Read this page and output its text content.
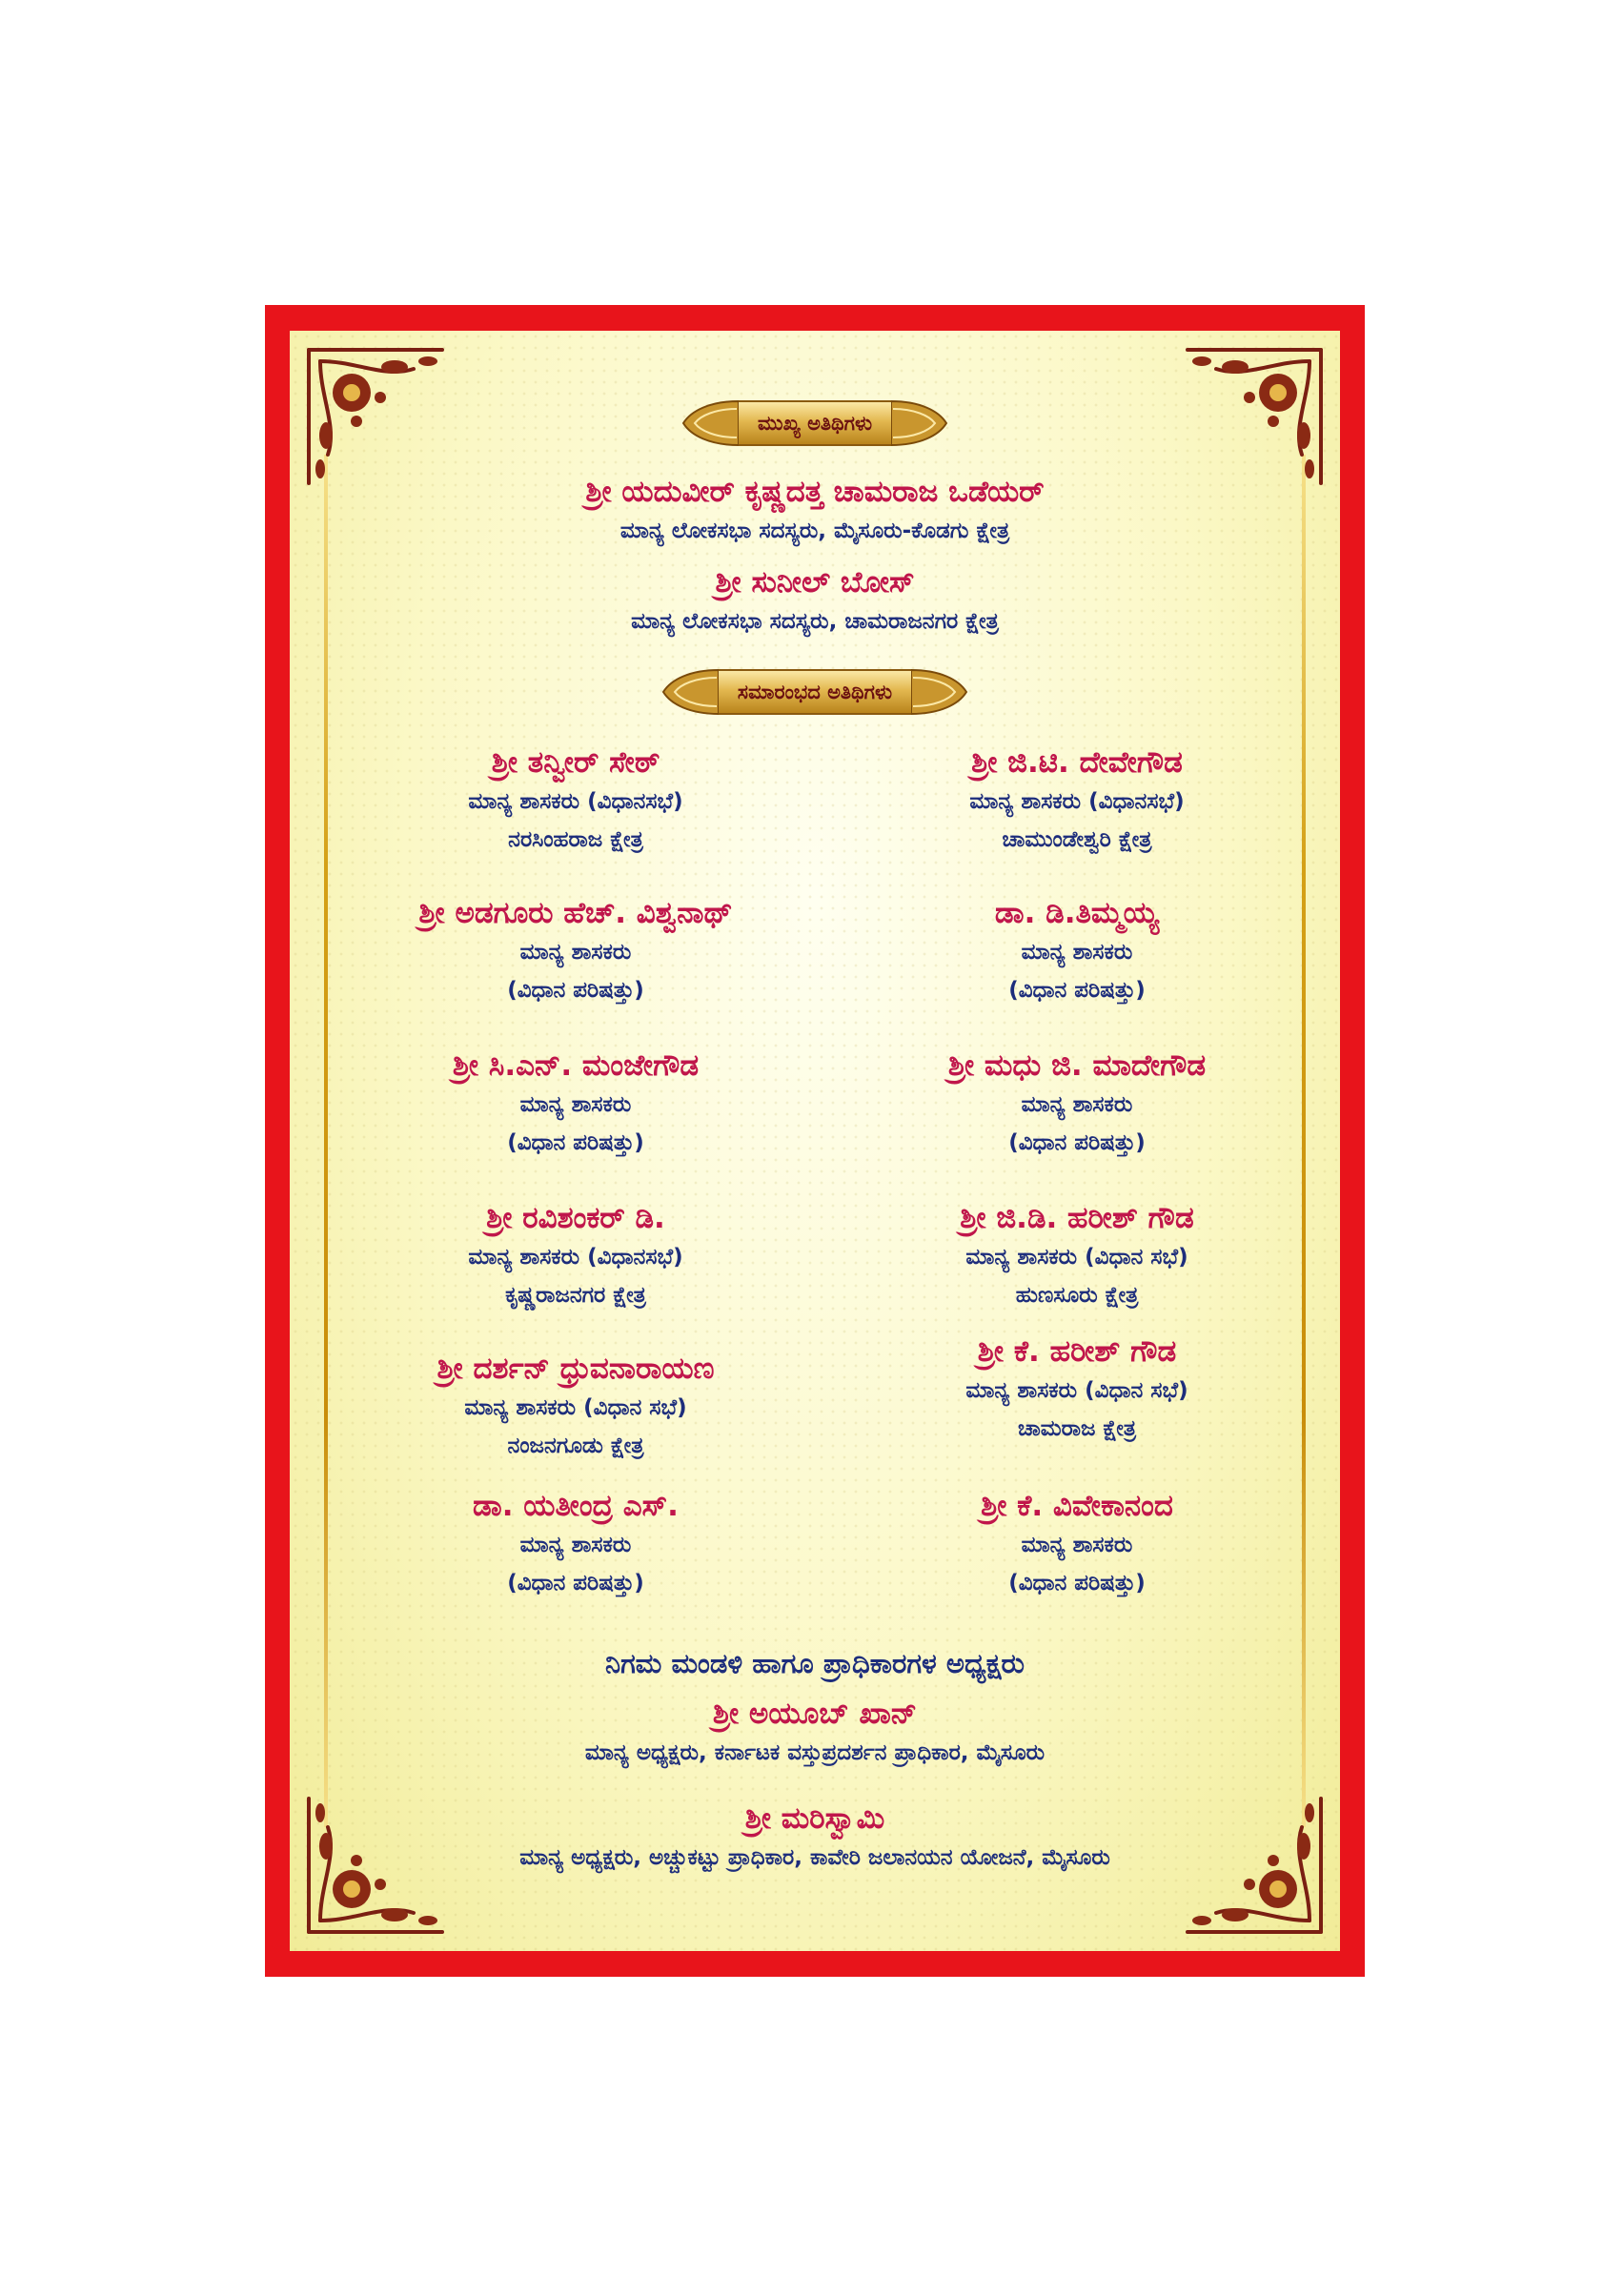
ಮುಖ್ಯ ಅತಿಥಿಗಳು
ಶ್ರೀ ಯದುವೀರ್ ಕೃಷ್ಣದತ್ತ ಚಾಮರಾಜ ಒಡೆಯರ್
ಮಾನ್ಯ ಲೋಕಸಭಾ ಸದಸ್ಯರು, ಮೈಸೂರು-ಕೊಡಗು ಕ್ಷೇತ್ರ
ಶ್ರೀ ಸುನೀಲ್ ಬೋಸ್
ಮಾನ್ಯ ಲೋಕಸಭಾ ಸದಸ್ಯರು, ಚಾಮರಾಜನಗರ ಕ್ಷೇತ್ರ
ಸಮಾರಂಭದ ಅತಿಥಿಗಳು
ಶ್ರೀ ತನ್ವೀರ್ ಸೇಠ್
ಮಾನ್ಯ ಶಾಸಕರು (ವಿಧಾನಸಭೆ)
ನರಸಿಂಹರಾಜ ಕ್ಷೇತ್ರ
ಶ್ರೀ ಅಡಗೂರು ಹೆಚ್. ವಿಶ್ವನಾಥ್
ಮಾನ್ಯ ಶಾಸಕರು
(ವಿಧಾನ ಪರಿಷತ್ತು)
ಶ್ರೀ ಸಿ.ಎನ್. ಮಂಜೇಗೌಡ
ಮಾನ್ಯ ಶಾಸಕರು
(ವಿಧಾನ ಪರಿಷತ್ತು)
ಶ್ರೀ ರವಿಶಂಕರ್ ಡಿ.
ಮಾನ್ಯ ಶಾಸಕರು (ವಿಧಾನಸಭೆ)
ಕೃಷ್ಣರಾಜನಗರ ಕ್ಷೇತ್ರ
ಶ್ರೀ ದರ್ಶನ್ ಧ್ರುವನಾರಾಯಣ
ಮಾನ್ಯ ಶಾಸಕರು (ವಿಧಾನ ಸಭೆ)
ನಂಜನಗೂಡು ಕ್ಷೇತ್ರ
ಡಾ. ಯತೀಂದ್ರ ಎಸ್.
ಮಾನ್ಯ ಶಾಸಕರು
(ವಿಧಾನ ಪರಿಷತ್ತು)
ಶ್ರೀ ಜಿ.ಟಿ. ದೇವೇಗೌಡ
ಮಾನ್ಯ ಶಾಸಕರು (ವಿಧಾನಸಭೆ)
ಚಾಮುಂಡೇಶ್ವರಿ ಕ್ಷೇತ್ರ
ಡಾ. ಡಿ.ತಿಮ್ಮಯ್ಯ
ಮಾನ್ಯ ಶಾಸಕರು
(ವಿಧಾನ ಪರಿಷತ್ತು)
ಶ್ರೀ ಮಧು ಜಿ. ಮಾದೇಗೌಡ
ಮಾನ್ಯ ಶಾಸಕರು
(ವಿಧಾನ ಪರಿಷತ್ತು)
ಶ್ರೀ ಜಿ.ಡಿ. ಹರೀಶ್ ಗೌಡ
ಮಾನ್ಯ ಶಾಸಕರು (ವಿಧಾನ ಸಭೆ)
ಹುಣಸೂರು ಕ್ಷೇತ್ರ
ಶ್ರೀ ಕೆ. ಹರೀಶ್ ಗೌಡ
ಮಾನ್ಯ ಶಾಸಕರು (ವಿಧಾನ ಸಭೆ)
ಚಾಮರಾಜ ಕ್ಷೇತ್ರ
ಶ್ರೀ ಕೆ. ವಿವೇಕಾನಂದ
ಮಾನ್ಯ ಶಾಸಕರು
(ವಿಧಾನ ಪರಿಷತ್ತು)
ನಿಗಮ ಮಂಡಳಿ ಹಾಗೂ ಪ್ರಾಧಿಕಾರಗಳ ಅಧ್ಯಕ್ಷರು
ಶ್ರೀ ಅಯೂಬ್ ಖಾನ್
ಮಾನ್ಯ ಅಧ್ಯಕ್ಷರು, ಕರ್ನಾಟಕ ವಸ್ತುಪ್ರದರ್ಶನ ಪ್ರಾಧಿಕಾರ, ಮೈಸೂರು
ಶ್ರೀ ಮರಿಸ್ವಾಮಿ
ಮಾನ್ಯ ಅಧ್ಯಕ್ಷರು, ಅಚ್ಚುಕಟ್ಟು ಪ್ರಾಧಿಕಾರ, ಕಾವೇರಿ ಜಲಾನಯನ ಯೋಜನೆ, ಮೈಸೂರು
